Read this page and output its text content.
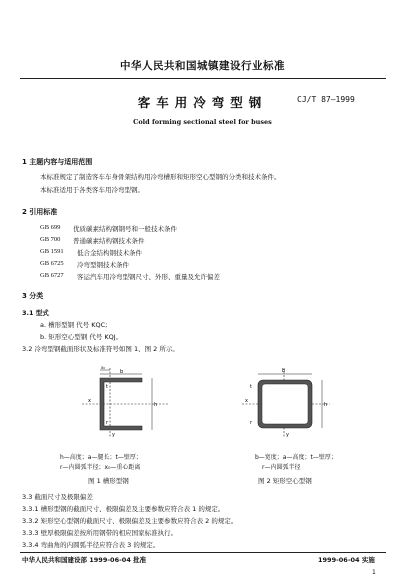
中华人民共和国城镇建设行业标准
客车用冷弯型钢	CJ/T 87—1999
Cold forming sectional steel for buses
1 主题内容与适用范围
本标准规定了制造客车车身骨架结构用冷弯槽形和矩形空心型钢的分类和技术条件。
本标准适用于各类客车用冷弯型钢。
2 引用标准
GB 699 优质碳素结构钢钢号和一般技术条件
GB 700 普通碳素结构钢技术条件
GB 1591 低合金结构钢技术条件
GB 6725 冷弯型钢技术条件
GB 6727 客运汽车用冷弯型钢尺寸、外形、重量及允许偏差
3 分类
3.1 型式
a. 槽形型钢 代号 KQC;
b. 矩形空心型钢 代号 KQJ。
3.2 冷弯型钢截面形状及标准符号如图 1、图 2 所示。
x
y
b
h
t
x₀
r
h—高度；a—腿长；t—壁厚；
r—内圆弧半径；x₀—重心距离
图 1 槽形型钢
x
y
b
h
t
r
b—宽度；a—高度；t—壁厚；
r—内圆弧半径
图 2 矩形空心型钢
3.3 截面尺寸及极限偏差
3.3.1 槽形型钢的截面尺寸、极限偏差及主要参数应符合表 1 的规定。
3.3.2 矩形空心型钢的截面尺寸、极限偏差及主要参数应符合表 2 的规定。
3.3.3 壁厚极限偏差按所用钢带的相应国家标准执行。
3.3.4 弯曲角的内圆弧半径应符合表 3 的规定。
中华人民共和国建设部 1999-06-04 批准	1999-06-04 实施
1
